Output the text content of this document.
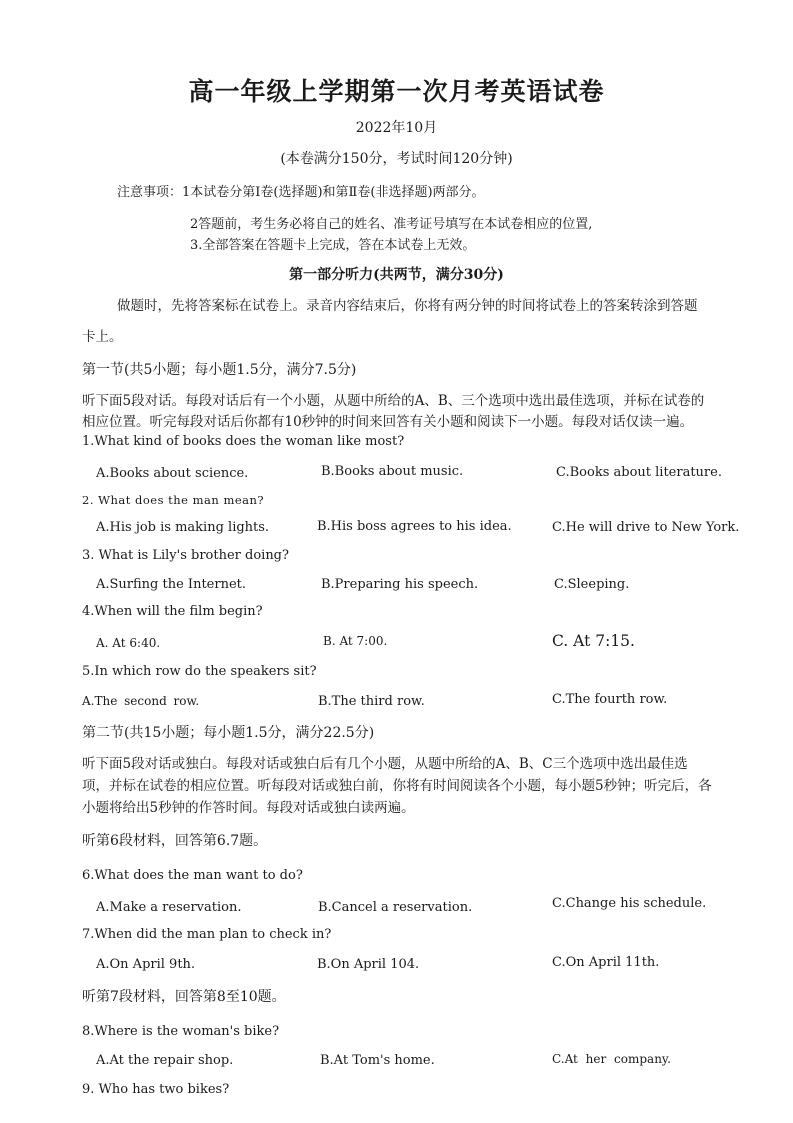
高一年级上学期第一次月考英语试卷
2022年10月
(本卷满分150分，考试时间120分钟)
注意事项：1本试卷分第Ⅰ卷(选择题)和第Ⅱ卷(非选择题)两部分。
2答题前，考生务必将自己的姓名、准考证号填写在本试卷相应的位置,
3.全部答案在答题卡上完成，答在本试卷上无效。
第一部分听力(共两节，满分30分)
做题时，先将答案标在试卷上。录音内容结束后，你将有两分钟的时间将试卷上的答案转涂到答题
卡上。
第一节(共5小题；每小题1.5分，满分7.5分)
听下面5段对话。每段对话后有一个小题，从题中所给的A、B、三个选项中选出最佳选项，并标在试卷的
相应位置。听完每段对话后你都有10秒钟的时间来回答有关小题和阅读下一小题。每段对话仅读一遍。
1.What kind of books does the woman like most?
A.Books about science.	B.Books about music.	C.Books about literature.
2. What does the man mean?
A.His job is making lights.	B.His boss agrees to his idea.	C.He will drive to New York.
3. What is Lily's brother doing?
A.Surfing the Internet.	B.Preparing his speech.	C.Sleeping.
4.When will the film begin?
A. At 6:40.	B. At 7:00.	C. At 7:15.
5.In which row do the speakers sit?
A.The second row.	B.The third row.	C.The fourth row.
第二节(共15小题；每小题1.5分，满分22.5分)
听下面5段对话或独白。每段对话或独白后有几个小题，从题中所给的A、B、C三个选项中选出最佳选
项，并标在试卷的相应位置。听每段对话或独白前，你将有时间阅读各个小题，每小题5秒钟；听完后，各
小题将给出5秒钟的作答时间。每段对话或独白读两遍。
听第6段材料，回答第6.7题。
6.What does the man want to do?
A.Make a reservation.	B.Cancel a reservation.	C.Change his schedule.
7.When did the man plan to check in?
A.On April 9th.	B.On April 104.	C.On April 11th.
听第7段材料，回答第8至10题。
8.Where is the woman's bike?
A.At the repair shop.	B.At Tom's home.	C.At her company.
9. Who has two bikes?
